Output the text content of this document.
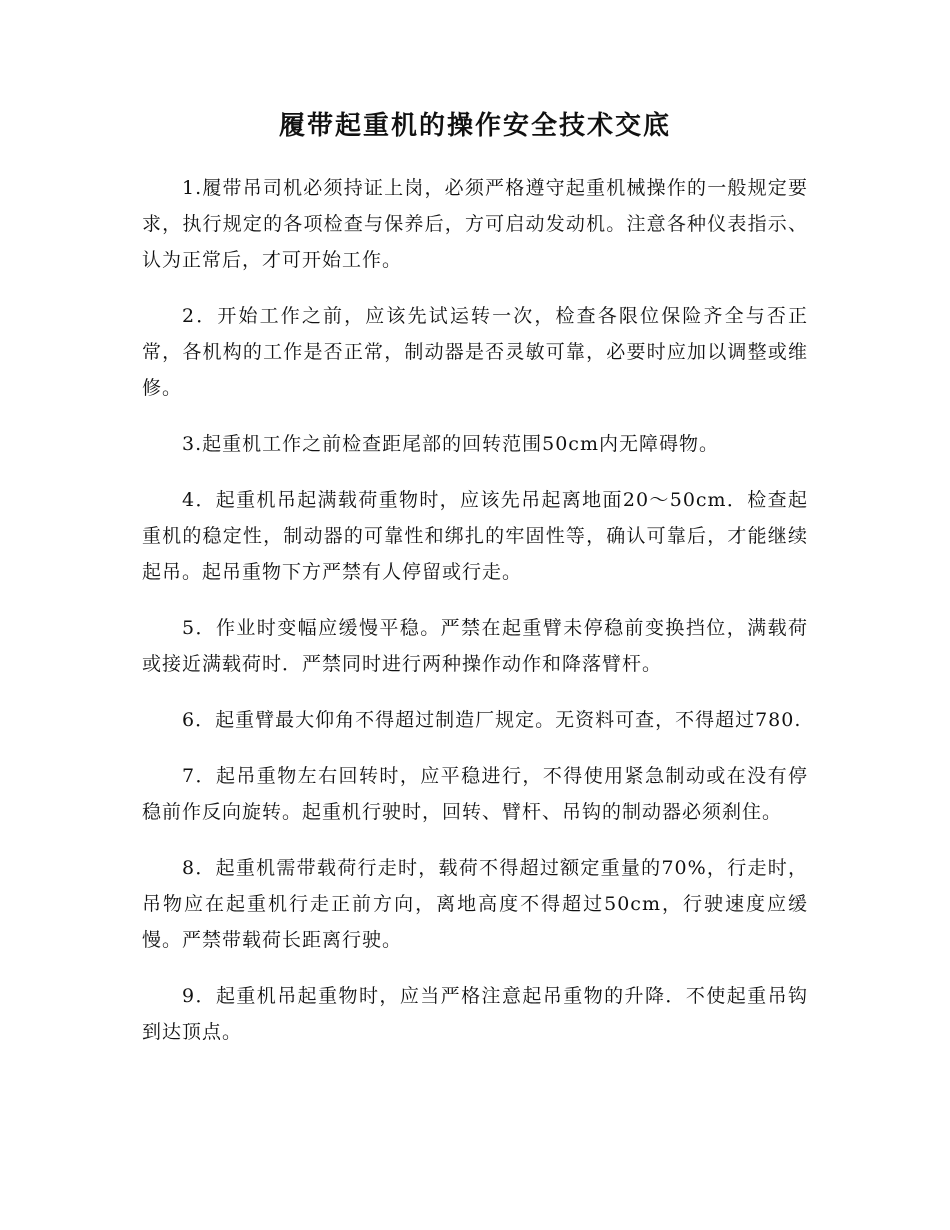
履带起重机的操作安全技术交底

1.履带吊司机必须持证上岗，必须严格遵守起重机械操作的一般规定要求，执行规定的各项检查与保养后，方可启动发动机。注意各种仪表指示、认为正常后，才可开始工作。

2．开始工作之前，应该先试运转一次，检查各限位保险齐全与否正常，各机构的工作是否正常，制动器是否灵敏可靠，必要时应加以调整或维修。

3.起重机工作之前检查距尾部的回转范围50cm内无障碍物。

4．起重机吊起满载荷重物时，应该先吊起离地面20～50cm．检查起重机的稳定性，制动器的可靠性和绑扎的牢固性等，确认可靠后，才能继续起吊。起吊重物下方严禁有人停留或行走。

5．作业时变幅应缓慢平稳。严禁在起重臂未停稳前变换挡位，满载荷或接近满载荷时．严禁同时进行两种操作动作和降落臂杆。

6．起重臂最大仰角不得超过制造厂规定。无资料可查，不得超过780.

7．起吊重物左右回转时，应平稳进行，不得使用紧急制动或在没有停稳前作反向旋转。起重机行驶时，回转、臂杆、吊钩的制动器必须刹住。

8．起重机需带载荷行走时，载荷不得超过额定重量的70%，行走时，吊物应在起重机行走正前方向，离地高度不得超过50cm，行驶速度应缓慢。严禁带载荷长距离行驶。

9．起重机吊起重物时，应当严格注意起吊重物的升降．不使起重吊钩到达顶点。
